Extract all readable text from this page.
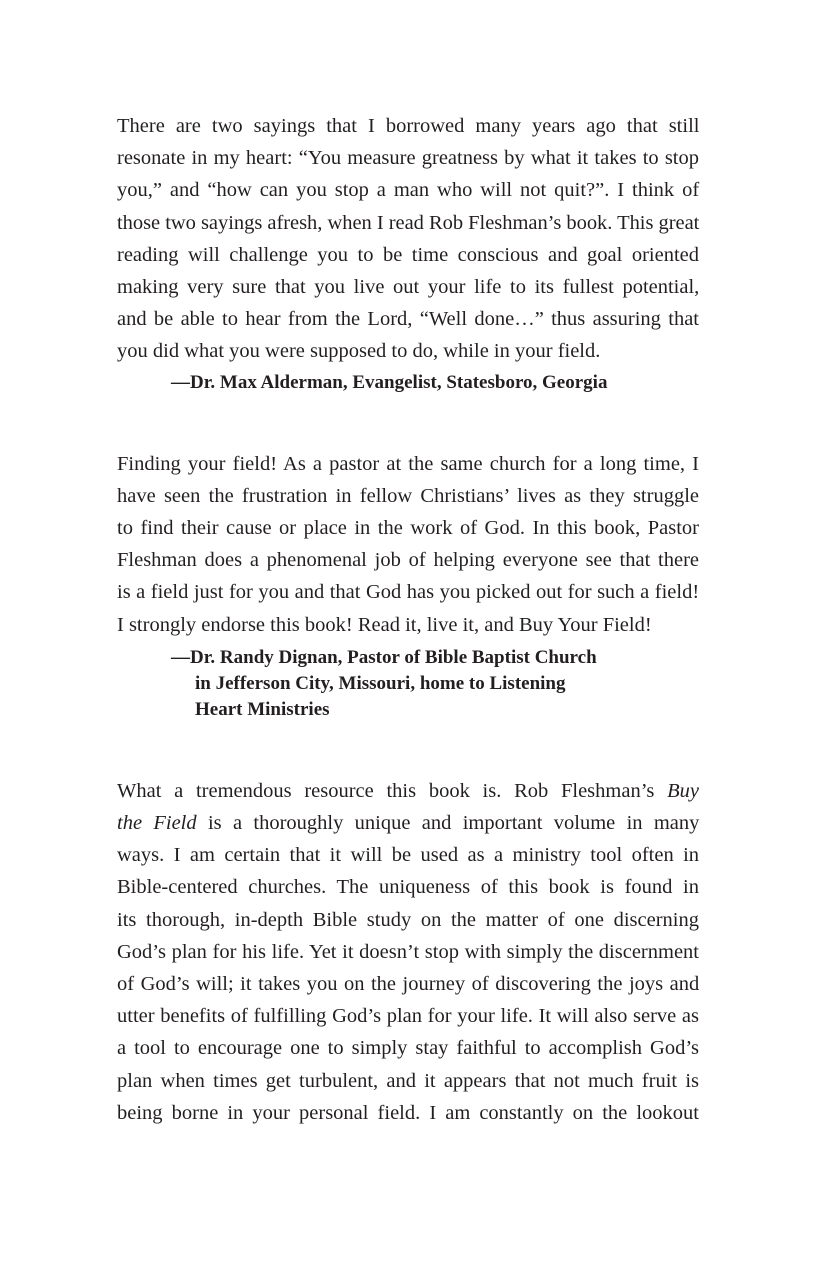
There are two sayings that I borrowed many years ago that still
resonate in my heart: “You measure greatness by what it takes to stop
you,” and “how can you stop a man who will not quit?”. I think of
those two sayings afresh, when I read Rob Fleshman’s book. This great
reading will challenge you to be time conscious and goal oriented
making very sure that you live out your life to its fullest potential,
and be able to hear from the Lord, “Well done…” thus assuring that
you did what you were supposed to do, while in your field.
—Dr. Max Alderman, Evangelist, Statesboro, Georgia
Finding your field! As a pastor at the same church for a long time, I
have seen the frustration in fellow Christians’ lives as they struggle
to find their cause or place in the work of God. In this book, Pastor
Fleshman does a phenomenal job of helping everyone see that there
is a field just for you and that God has you picked out for such a field!
I strongly endorse this book! Read it, live it, and Buy Your Field!
—Dr. Randy Dignan, Pastor of Bible Baptist Church
in Jefferson City, Missouri, home to Listening
Heart Ministries
What a tremendous resource this book is. Rob Fleshman’s Buy
the Field is a thoroughly unique and important volume in many
ways. I am certain that it will be used as a ministry tool often in
Bible-centered churches. The uniqueness of this book is found in
its thorough, in-depth Bible study on the matter of one discerning
God’s plan for his life. Yet it doesn’t stop with simply the discernment
of God’s will; it takes you on the journey of discovering the joys and
utter benefits of fulfilling God’s plan for your life. It will also serve as
a tool to encourage one to simply stay faithful to accomplish God’s
plan when times get turbulent, and it appears that not much fruit is
being borne in your personal field. I am constantly on the lookout
